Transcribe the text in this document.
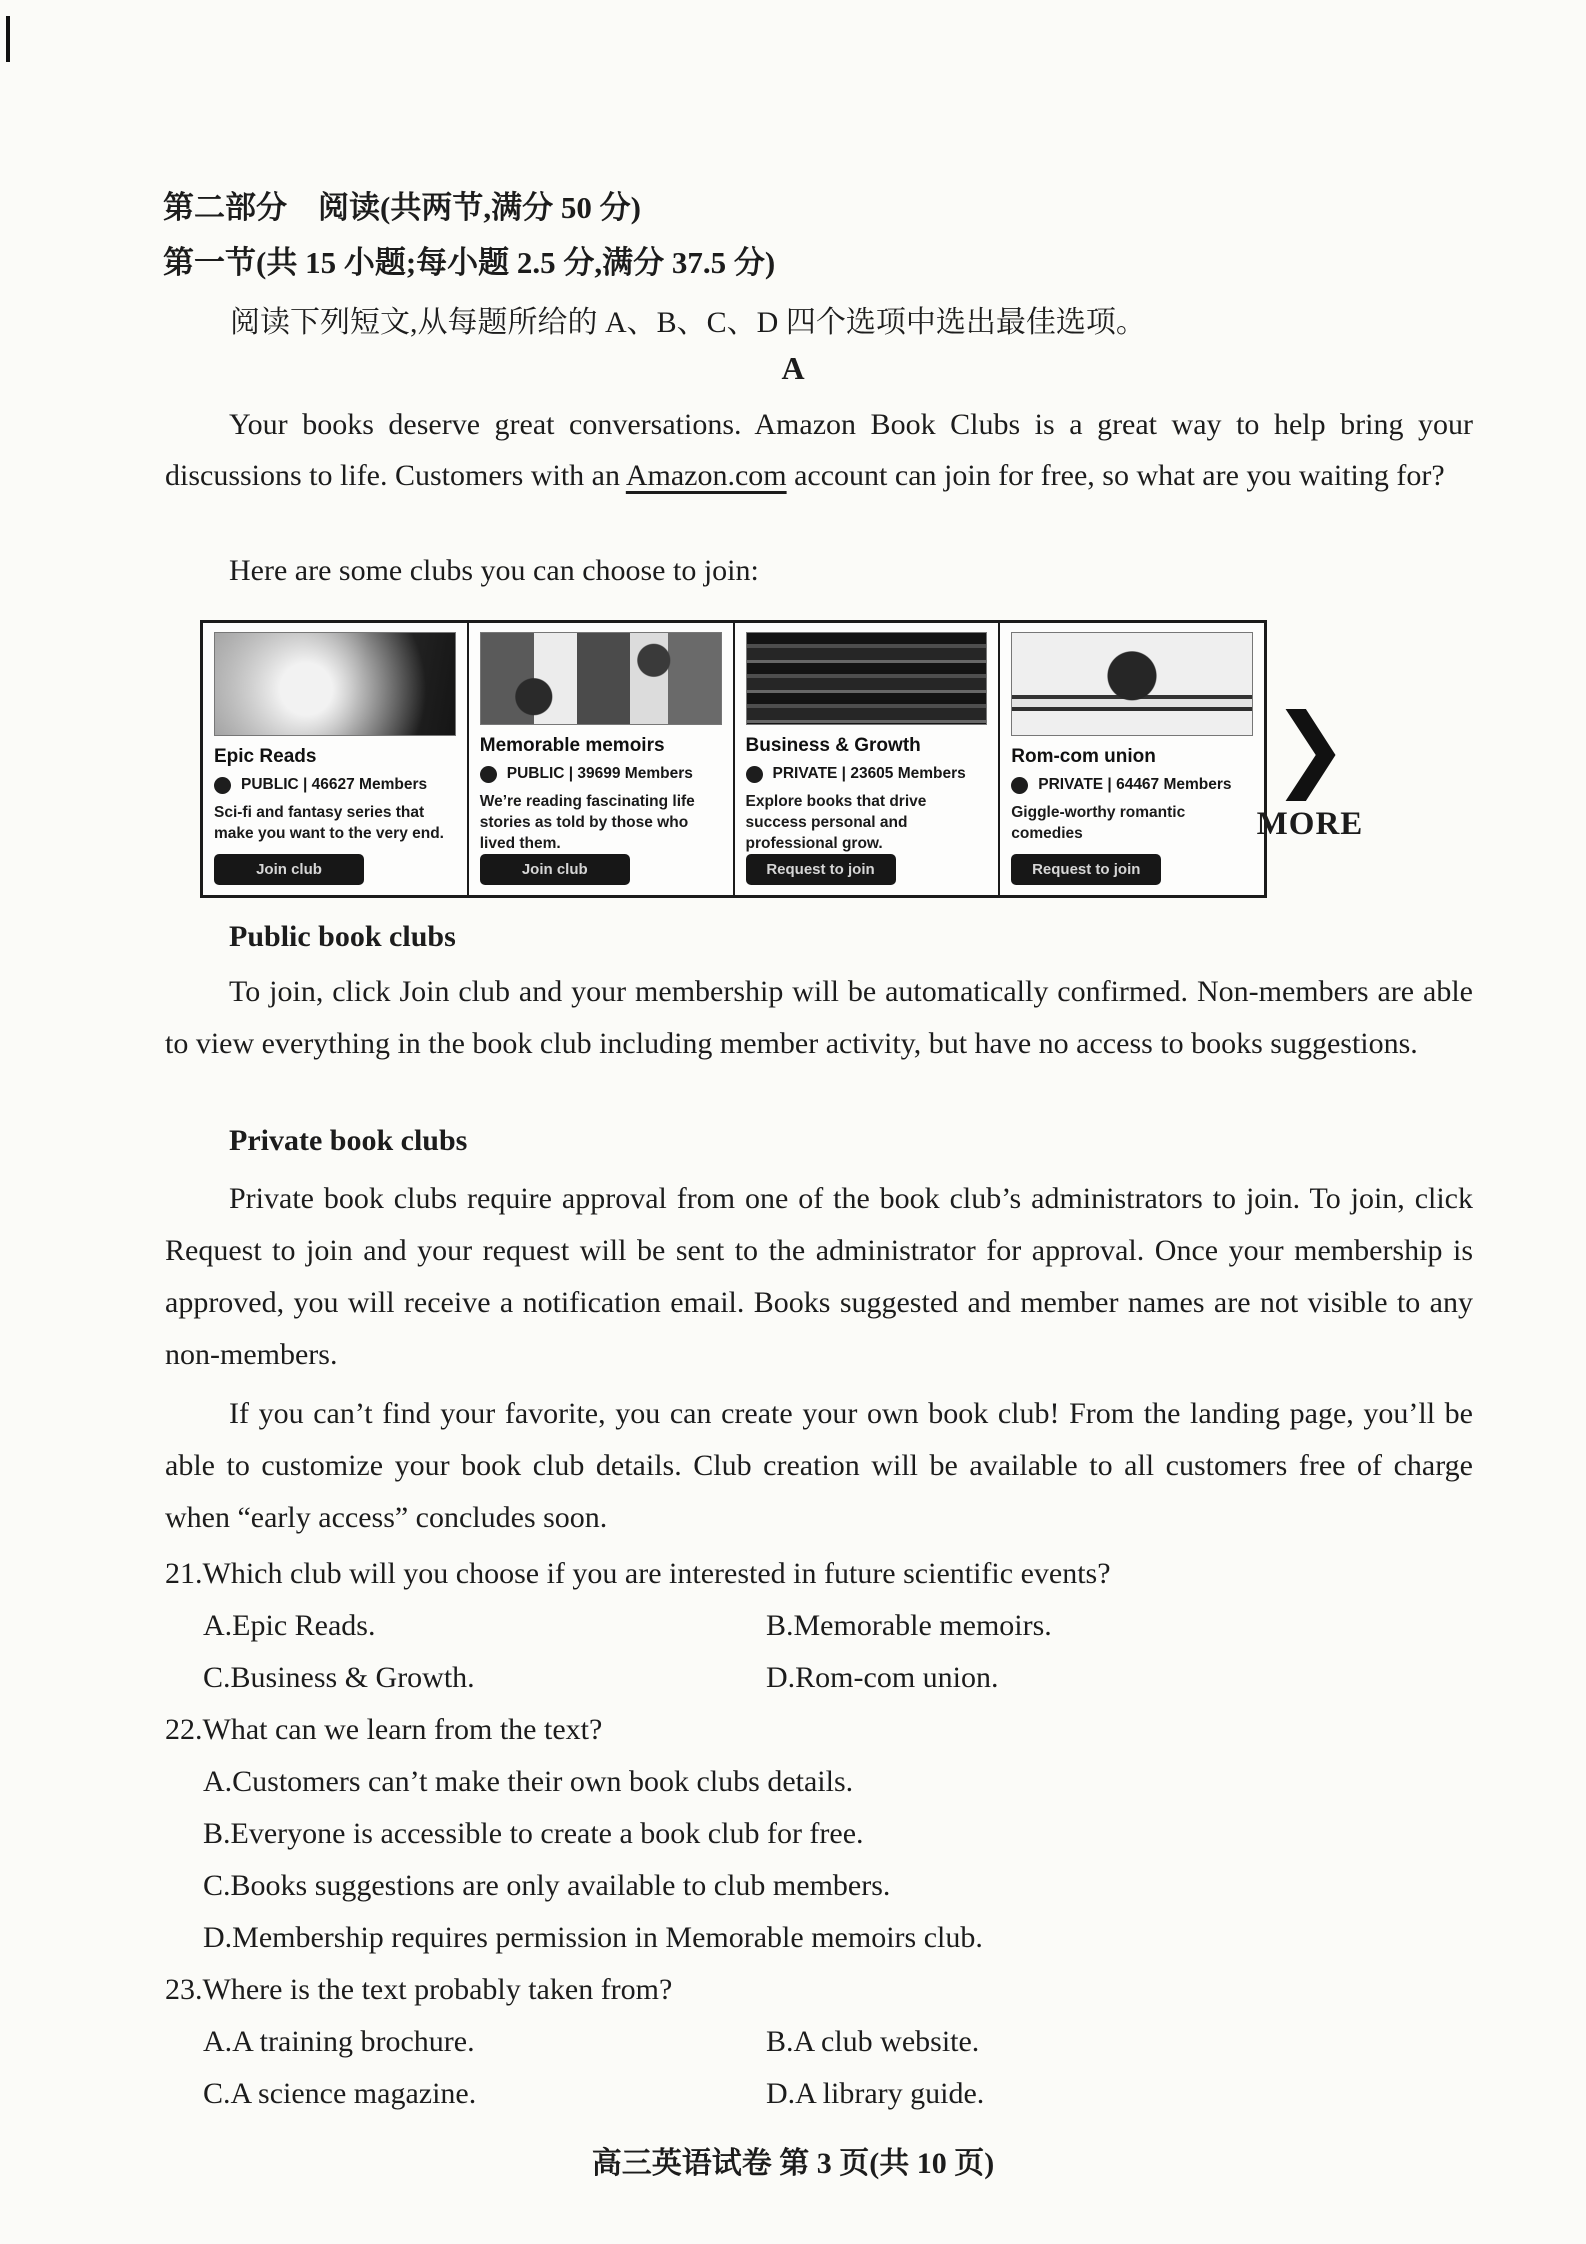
第二部分　阅读(共两节,满分 50 分)
第一节(共 15 小题;每小题 2.5 分,满分 37.5 分)
阅读下列短文,从每题所给的 A、B、C、D 四个选项中选出最佳选项。
A
Your books deserve great conversations. Amazon Book Clubs is a great way to help bring your discussions to life. Customers with an Amazon.com account can join for free, so what are you waiting for?
Here are some clubs you can choose to join:
Epic Reads
PUBLIC | 46627 Members
Sci-fi and fantasy series that make you want to the very end.
Join club
Memorable memoirs
PUBLIC | 39699 Members
We’re reading fascinating life stories as told by those who lived them.
Join club
Business & Growth
PRIVATE | 23605 Members
Explore books that drive success personal and professional grow.
Request to join
Rom-com union
PRIVATE | 64467 Members
Giggle-worthy romantic comedies
Request to join
❯
MORE
Public book clubs
To join, click Join club and your membership will be automatically confirmed. Non-members are able to view everything in the book club including member activity, but have no access to books suggestions.
Private book clubs
Private book clubs require approval from one of the book club’s administrators to join. To join, click Request to join and your request will be sent to the administrator for approval. Once your membership is approved, you will receive a notification email. Books suggested and member names are not visible to any non-members.
If you can’t find your favorite, you can create your own book club! From the landing page, you’ll be able to customize your book club details. Club creation will be available to all customers free of charge when “early access” concludes soon.
21.Which club will you choose if you are interested in future scientific events?
A.Epic Reads.	B.Memorable memoirs.
C.Business & Growth.	D.Rom-com union.
22.What can we learn from the text?
A.Customers can’t make their own book clubs details.
B.Everyone is accessible to create a book club for free.
C.Books suggestions are only available to club members.
D.Membership requires permission in Memorable memoirs club.
23.Where is the text probably taken from?
A.A training brochure.	B.A club website.
C.A science magazine.	D.A library guide.
高三英语试卷 第 3 页(共 10 页)
